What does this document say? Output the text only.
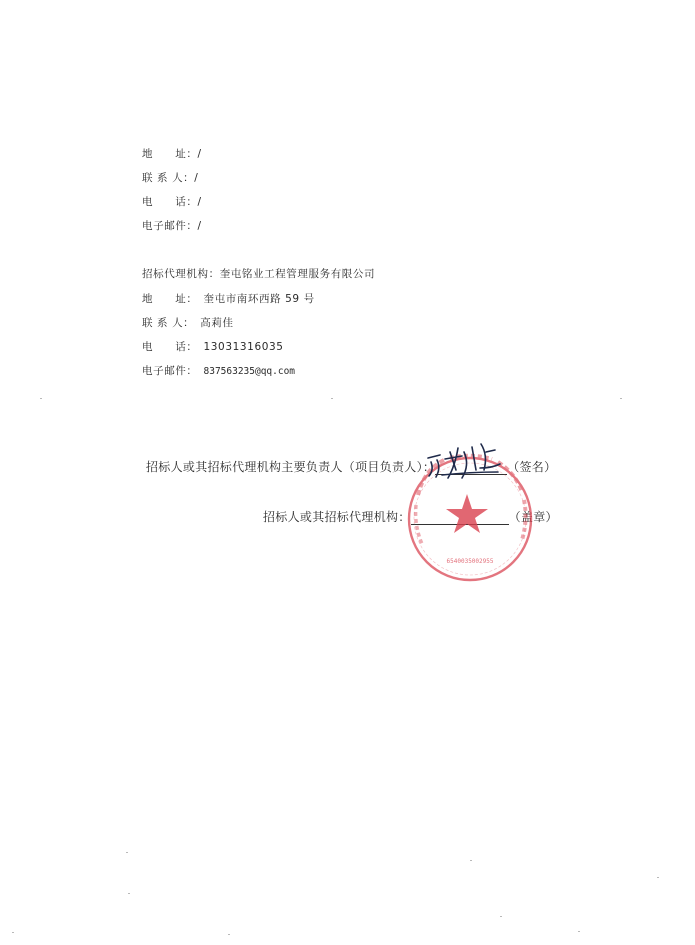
地　　址：/
联 系 人：/
电　　话：/
电子邮件：/
招标代理机构：奎屯铭业工程管理服务有限公司
地　　址： 奎屯市南环西路 59 号
联 系 人： 高莉佳
电　　话： 13031316035
电子邮件： 837563235@qq.com
招标人或其招标代理机构主要负责人（项目负责人）：	（签名）
招标人或其招标代理机构：	（盖章）
6540035002955
